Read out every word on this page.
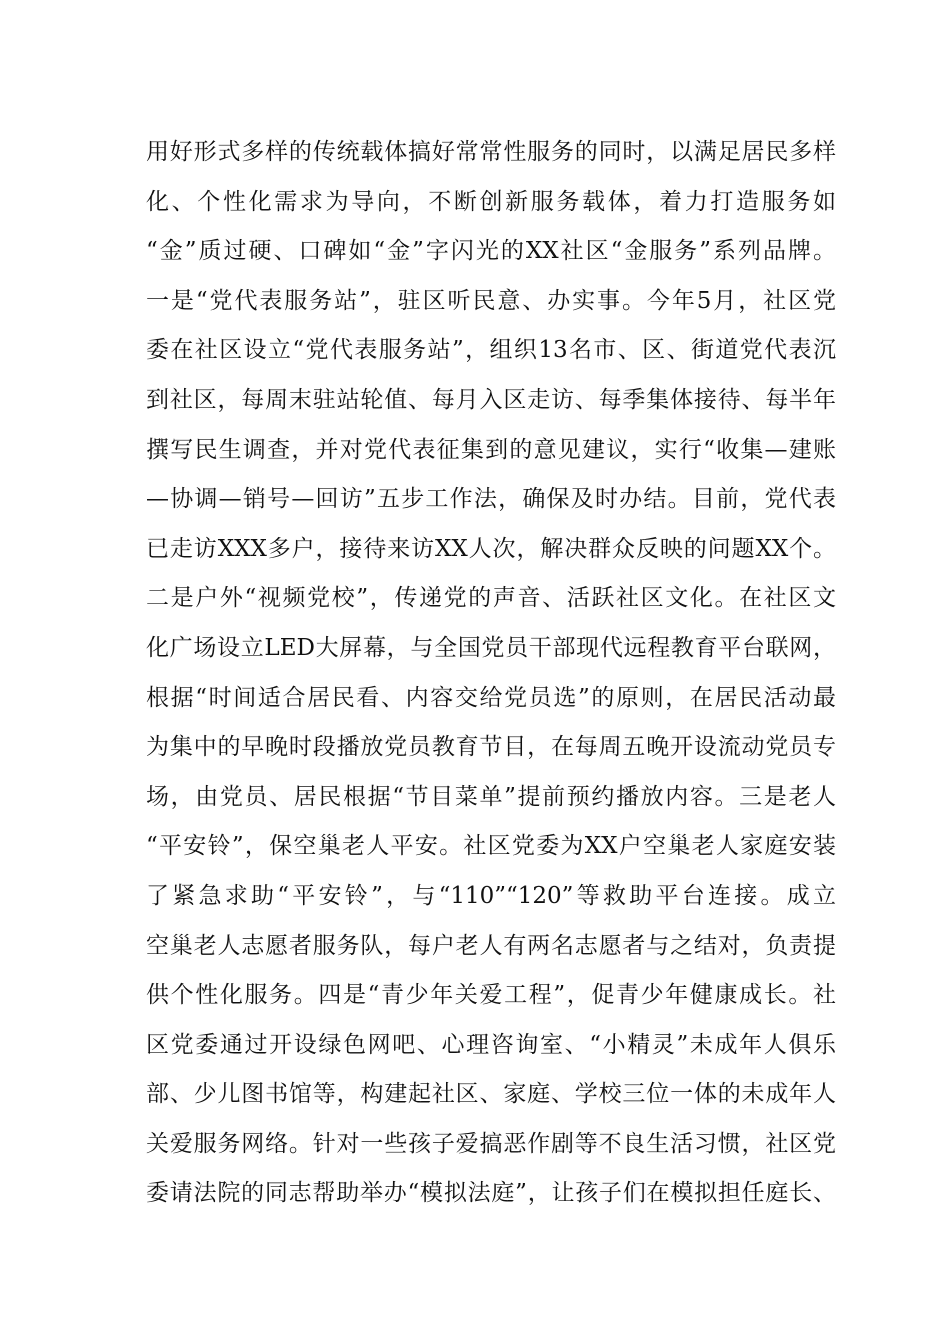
用好形式多样的传统载体搞好常常性服务的同时，以满足居民多样
化、个性化需求为导向，不断创新服务载体，着力打造服务如
“金”质过硬、口碑如“金”字闪光的XX社区“金服务”系列品牌。
一是“党代表服务站”，驻区听民意、办实事。今年5月，社区党
委在社区设立“党代表服务站”，组织13名市、区、街道党代表沉
到社区，每周末驻站轮值、每月入区走访、每季集体接待、每半年
撰写民生调查，并对党代表征集到的意见建议，实行“收集—建账
—协调—销号—回访”五步工作法，确保及时办结。目前，党代表
已走访XXX多户，接待来访XX人次，解决群众反映的问题XX个。
二是户外“视频党校”，传递党的声音、活跃社区文化。在社区文
化广场设立LED大屏幕，与全国党员干部现代远程教育平台联网，
根据“时间适合居民看、内容交给党员选”的原则，在居民活动最
为集中的早晚时段播放党员教育节目，在每周五晚开设流动党员专
场，由党员、居民根据“节目菜单”提前预约播放内容。三是老人
“平安铃”，保空巢老人平安。社区党委为XX户空巢老人家庭安装
了紧急求助“平安铃”，与“110”“120”等救助平台连接。成立
空巢老人志愿者服务队，每户老人有两名志愿者与之结对，负责提
供个性化服务。四是“青少年关爱工程”，促青少年健康成长。社
区党委通过开设绿色网吧、心理咨询室、“小精灵”未成年人俱乐
部、少儿图书馆等，构建起社区、家庭、学校三位一体的未成年人
关爱服务网络。针对一些孩子爱搞恶作剧等不良生活习惯，社区党
委请法院的同志帮助举办“模拟法庭”，让孩子们在模拟担任庭长、
